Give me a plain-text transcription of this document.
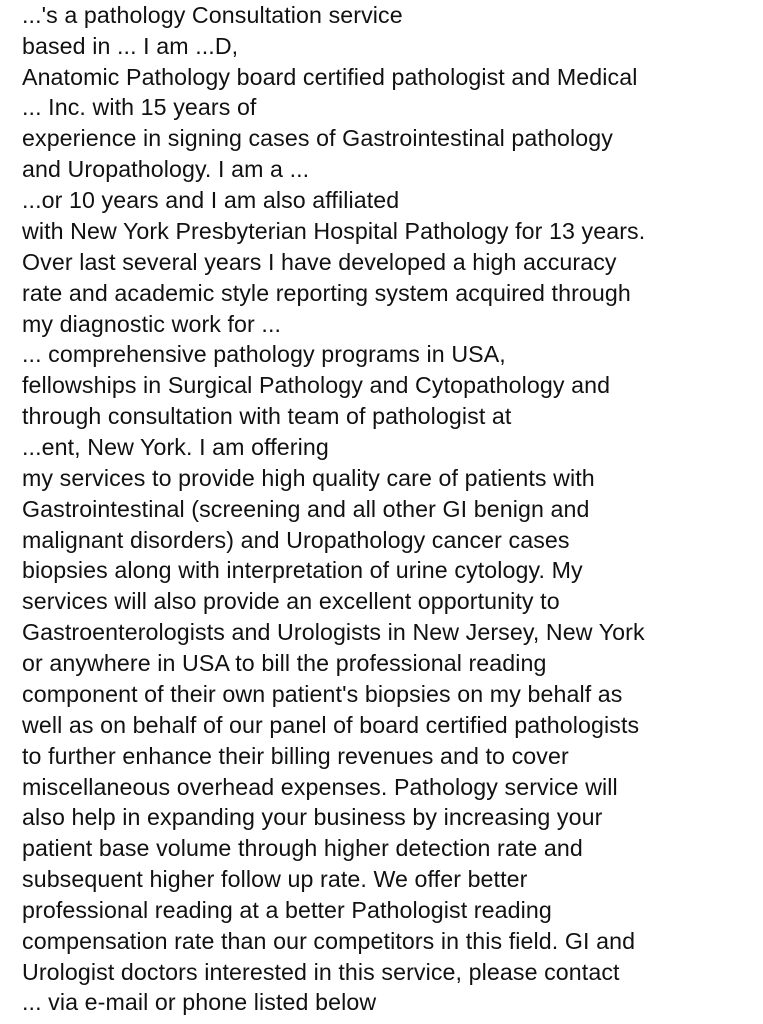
...'s a pathology Consultation service
based in ... I am ...D,
Anatomic Pathology board certified pathologist and Medical
... Inc. with 15 years of
experience in signing cases of Gastrointestinal pathology
and Uropathology. I am a ...
...or 10 years and I am also affiliated
with New York Presbyterian Hospital Pathology for 13 years.
Over last several years I have developed a high accuracy
rate and academic style reporting system acquired through
my diagnostic work for ...
... comprehensive pathology programs in USA,
fellowships in Surgical Pathology and Cytopathology and
through consultation with team of pathologist at
...ent, New York. I am offering
my services to provide high quality care of patients with
Gastrointestinal (screening and all other GI benign and
malignant disorders) and Uropathology cancer cases
biopsies along with interpretation of urine cytology. My
services will also provide an excellent opportunity to
Gastroenterologists and Urologists in New Jersey, New York
or anywhere in USA to bill the professional reading
component of their own patient's biopsies on my behalf as
well as on behalf of our panel of board certified pathologists
to further enhance their billing revenues and to cover
miscellaneous overhead expenses. Pathology service will
also help in expanding your business by increasing your
patient base volume through higher detection rate and
subsequent higher follow up rate. We offer better
professional reading at a better Pathologist reading
compensation rate than our competitors in this field. GI and
Urologist doctors interested in this service, please contact
... via e-mail or phone listed below
